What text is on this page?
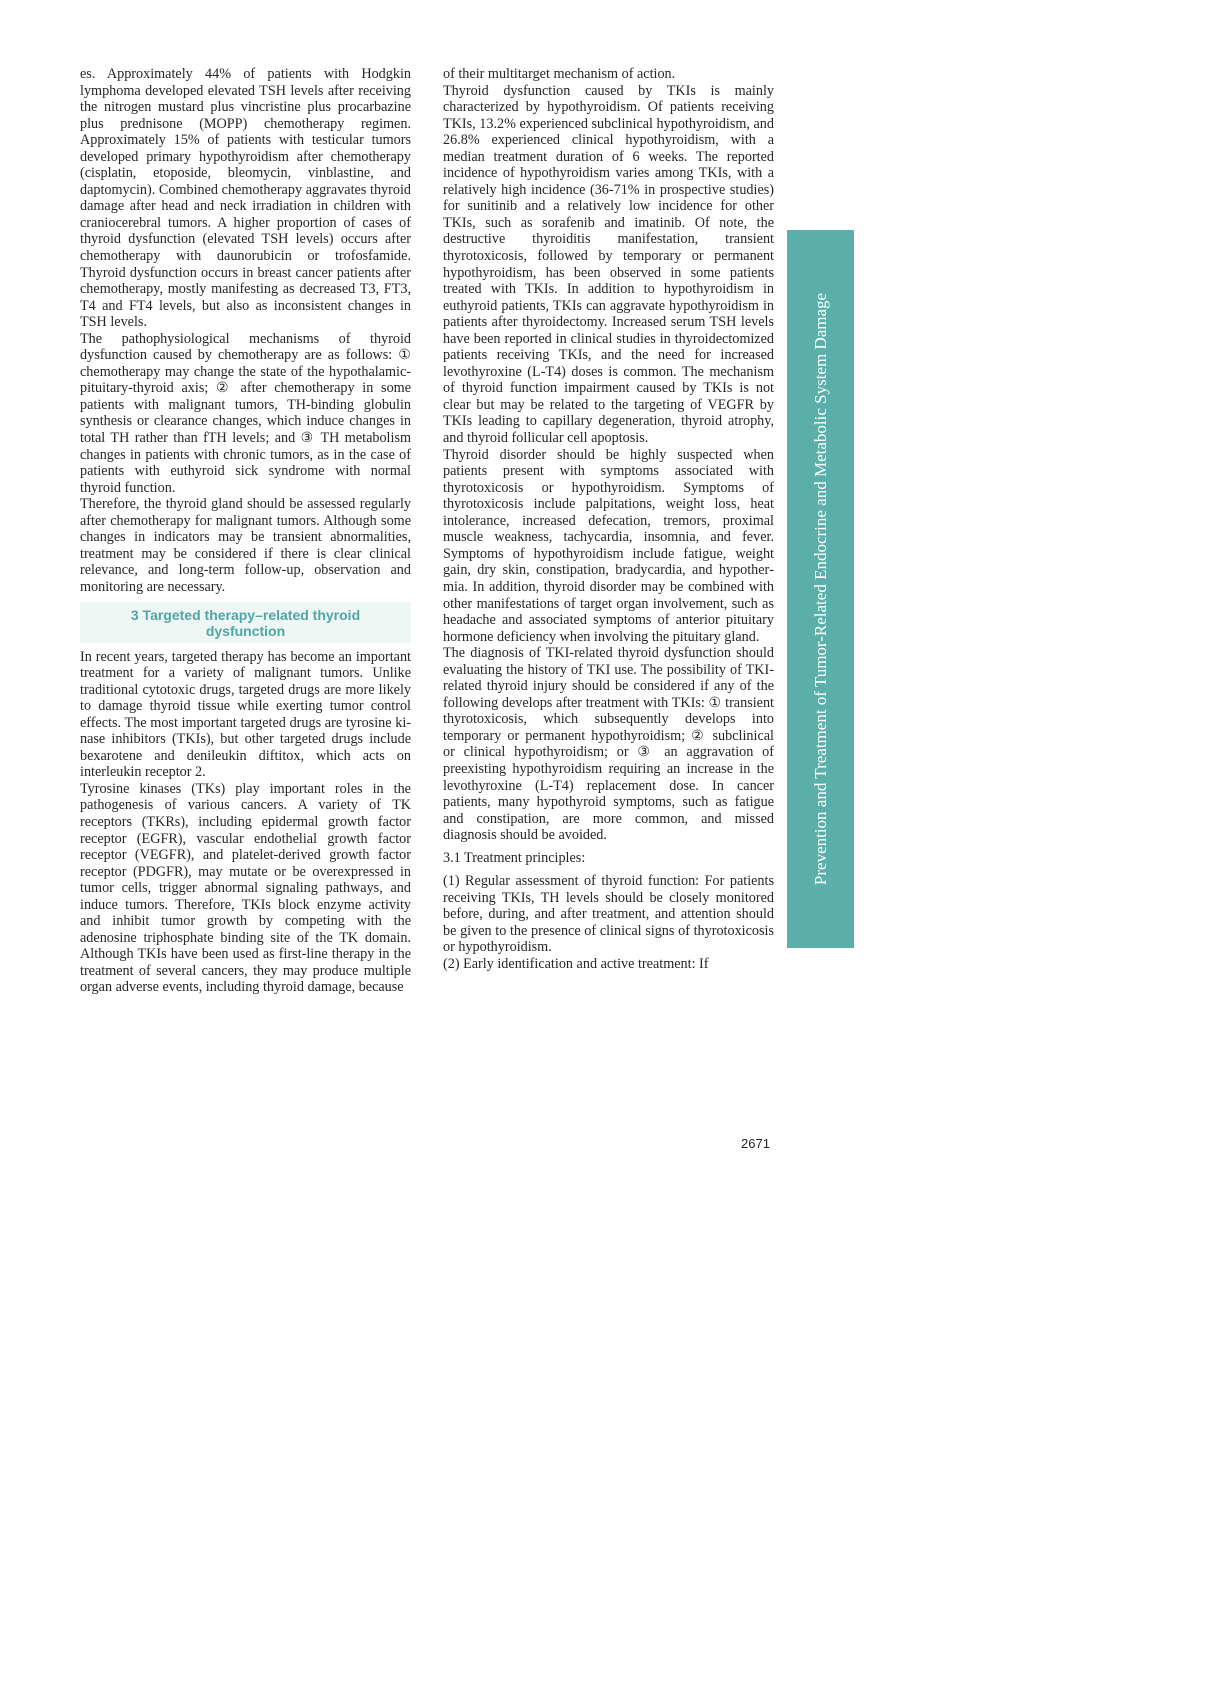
es. Approximately 44% of patients with Hodgkin lymphoma developed elevated TSH levels after receiving the nitrogen mustard plus vincristine plus procarbazine plus prednisone (MOPP) chemotherapy regimen. Approximately 15% of patients with testicular tumors developed primary hypothyroidism after chemotherapy (cisplatin, etoposide, bleomycin, vinblastine, and daptomycin). Combined chemotherapy aggravates thyroid damage after head and neck irradiation in children with craniocerebral tumors. A higher proportion of cases of thyroid dysfunction (elevated TSH levels) occurs after chemotherapy with daunorubicin or trofosfamide. Thyroid dysfunction occurs in breast cancer patients after chemotherapy, mostly manifesting as decreased T3, FT3, T4 and FT4 levels, but also as inconsistent changes in TSH levels.

The pathophysiological mechanisms of thyroid dysfunction caused by chemotherapy are as follows: ① chemotherapy may change the state of the hypothalamic-pituitary-thyroid axis; ② after chemotherapy in some patients with malignant tumors, TH-binding globulin synthesis or clearance changes, which induce changes in total TH rather than fTH levels; and ③ TH metabolism changes in patients with chronic tumors, as in the case of patients with euthyroid sick syndrome with normal thyroid function.

Therefore, the thyroid gland should be assessed regularly after chemotherapy for malignant tumors. Although some changes in indicators may be transient abnormalities, treatment may be considered if there is clear clinical relevance, and long-term follow-up, observation and monitoring are necessary.

3 Targeted therapy–related thyroid
dysfunction

In recent years, targeted therapy has become an important treatment for a variety of malignant tumors. Unlike traditional cytotoxic drugs, targeted drugs are more likely to damage thyroid tissue while exerting tumor control effects. The most important targeted drugs are tyrosine kinase inhibitors (TKIs), but other targeted drugs include bexarotene and denileukin diftitox, which acts on interleukin receptor 2.

Tyrosine kinases (TKs) play important roles in the pathogenesis of various cancers. A variety of TK receptors (TKRs), including epidermal growth factor receptor (EGFR), vascular endothelial growth factor receptor (VEGFR), and platelet-derived growth factor receptor (PDGFR), may mutate or be overexpressed in tumor cells, trigger abnormal signaling pathways, and induce tumors. Therefore, TKIs block enzyme activity and inhibit tumor growth by competing with the adenosine triphosphate binding site of the TK domain. Although TKIs have been used as first-line therapy in the treatment of several cancers, they may produce multiple organ adverse events, including thyroid damage, because

of their multitarget mechanism of action.

Thyroid dysfunction caused by TKIs is mainly characterized by hypothyroidism. Of patients receiving TKIs, 13.2% experienced subclinical hypothyroidism, and 26.8% experienced clinical hypothyroidism, with a median treatment duration of 6 weeks. The reported incidence of hypothyroidism varies among TKIs, with a relatively high incidence (36-71% in prospective studies) for sunitinib and a relatively low incidence for other TKIs, such as sorafenib and imatinib. Of note, the destructive thyroiditis manifestation, transient thyrotoxicosis, followed by temporary or permanent hypothyroidism, has been observed in some patients treated with TKIs. In addition to hypothyroidism in euthyroid patients, TKIs can aggravate hypothyroidism in patients after thyroidectomy. Increased serum TSH levels have been reported in clinical studies in thyroidectomized patients receiving TKIs, and the need for increased levothyroxine (L-T4) doses is common. The mechanism of thyroid function impairment caused by TKIs is not clear but may be related to the targeting of VEGFR by TKIs leading to capillary degeneration, thyroid atrophy, and thyroid follicular cell apoptosis.

Thyroid disorder should be highly suspected when patients present with symptoms associated with thyrotoxicosis or hypothyroidism. Symptoms of thyrotoxicosis include palpitations, weight loss, heat intolerance, increased defecation, tremors, proximal muscle weakness, tachycardia, insomnia, and fever. Symptoms of hypothyroidism include fatigue, weight gain, dry skin, constipation, bradycardia, and hypothermia. In addition, thyroid disorder may be combined with other manifestations of target organ involvement, such as headache and associated symptoms of anterior pituitary hormone deficiency when involving the pituitary gland.

The diagnosis of TKI-related thyroid dysfunction should evaluating the history of TKI use. The possibility of TKI-related thyroid injury should be considered if any of the following develops after treatment with TKIs: ① transient thyrotoxicosis, which subsequently develops into temporary or permanent hypothyroidism; ② subclinical or clinical hypothyroidism; or ③ an aggravation of preexisting hypothyroidism requiring an increase in the levothyroxine (L-T4) replacement dose. In cancer patients, many hypothyroid symptoms, such as fatigue and constipation, are more common, and missed diagnosis should be avoided.

3.1 Treatment principles:

(1) Regular assessment of thyroid function: For patients receiving TKIs, TH levels should be closely monitored before, during, and after treatment, and attention should be given to the presence of clinical signs of thyrotoxicosis or hypothyroidism.

(2) Early identification and active treatment: If

Prevention and Treatment of Tumor-Related Endocrine and Metabolic System Damage
2671
